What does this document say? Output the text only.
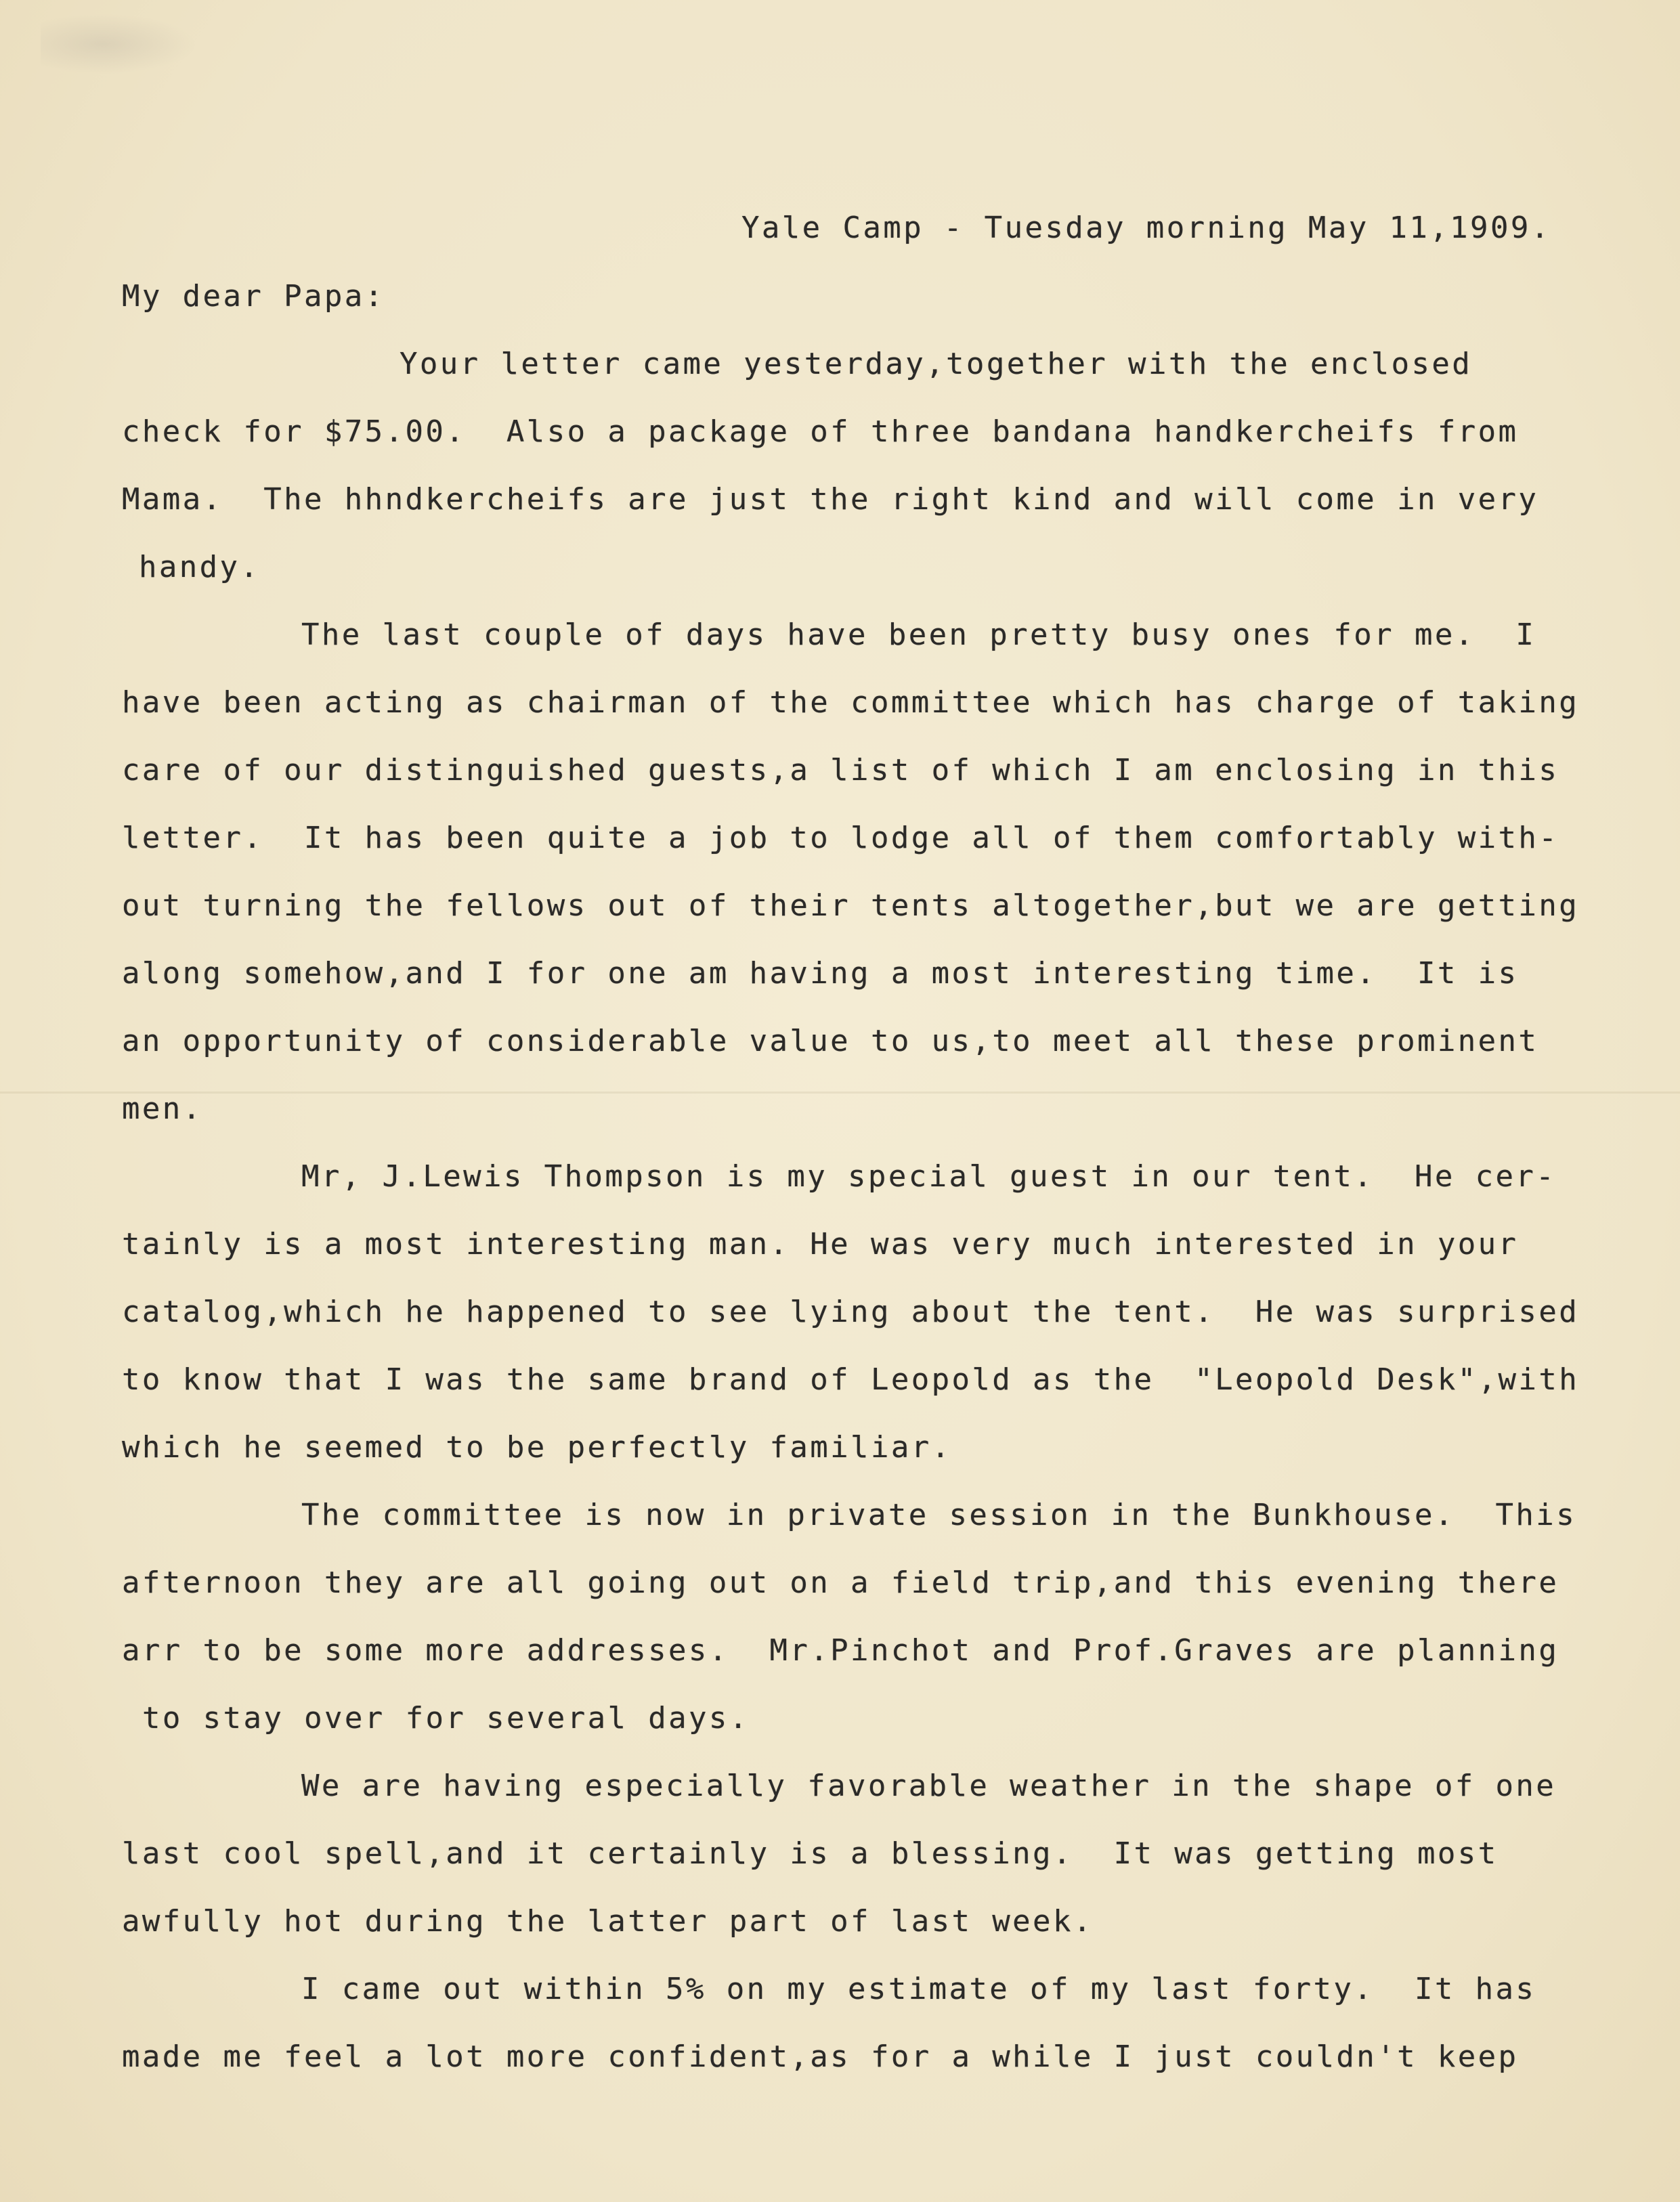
Yale Camp - Tuesday morning May 11,1909.
My dear Papa:
Your letter came yesterday,together with the enclosed
check for $75.00.  Also a package of three bandana handkercheifs from
Mama.  The hhndkercheifs are just the right kind and will come in very
handy.
The last couple of days have been pretty busy ones for me.  I
have been acting as chairman of the committee which has charge of taking
care of our distinguished guests,a list of which I am enclosing in this
letter.  It has been quite a job to lodge all of them comfortably with-
out turning the fellows out of their tents altogether,but we are getting
along somehow,and I for one am having a most interesting time.  It is
an opportunity of considerable value to us,to meet all these prominent
men.
Mr, J.Lewis Thompson is my special guest in our tent.  He cer-
tainly is a most interesting man. He was very much interested in your
catalog,which he happened to see lying about the tent.  He was surprised
to know that I was the same brand of Leopold as the  "Leopold Desk",with
which he seemed to be perfectly familiar.
The committee is now in private session in the Bunkhouse.  This
afternoon they are all going out on a field trip,and this evening there
arr to be some more addresses.  Mr.Pinchot and Prof.Graves are planning
to stay over for several days.
We are having especially favorable weather in the shape of one
last cool spell,and it certainly is a blessing.  It was getting most
awfully hot during the latter part of last week.
I came out within 5% on my estimate of my last forty.  It has
made me feel a lot more confident,as for a while I just couldn't keep
